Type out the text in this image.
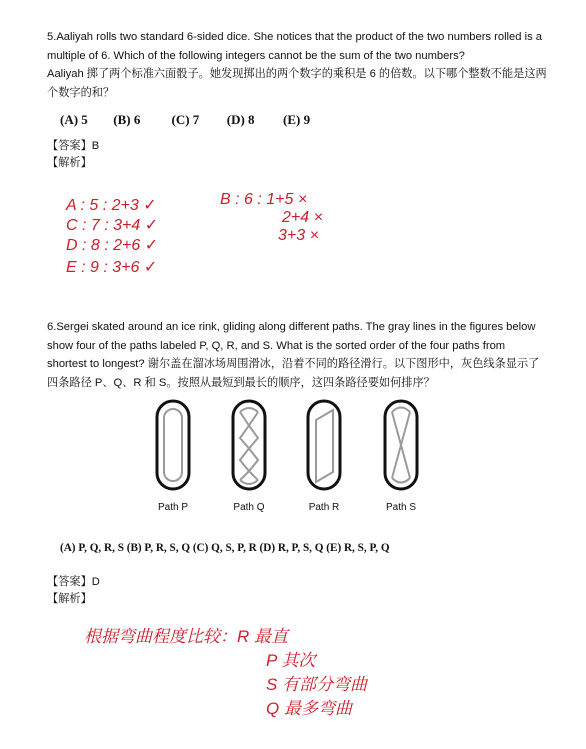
5.Aaliyah rolls two standard 6-sided dice. She notices that the product of the two numbers rolled is a multiple of 6. Which of the following integers cannot be the sum of the two numbers?
Aaliyah 掷了两个标准六面骰子。她发现掷出的两个数字的乘积是 6 的倍数。以下哪个整数不能是这两个数字的和？
(A) 5 (B) 6 (C) 7 (D) 8 (E) 9
【答案】B
【解析】
A : 5 : 2+3 ✓
C : 7 : 3+4 ✓
D : 8 : 2+6 ✓
E : 9 : 3+6 ✓
B : 6 : 1+5 ×
2+4 ×
3+3 ×
6.Sergei skated around an ice rink, gliding along different paths. The gray lines in the figures below show four of the paths labeled P, Q, R, and S. What is the sorted order of the four paths from shortest to longest? 谢尔盖在溜冰场周围滑冰，沿着不同的路径滑行。以下图形中，灰色线条显示了四条路径 P、Q、R 和 S。按照从最短到最长的顺序，这四条路径要如何排序？
Path P	Path Q	Path R	Path S
(A) P, Q, R, S (B) P, R, S, Q (C) Q, S, P, R (D) R, P, S, Q (E) R, S, P, Q
【答案】D
【解析】
根据弯曲程度比较：R 最直
P 其次
S 有部分弯曲
Q 最多弯曲
